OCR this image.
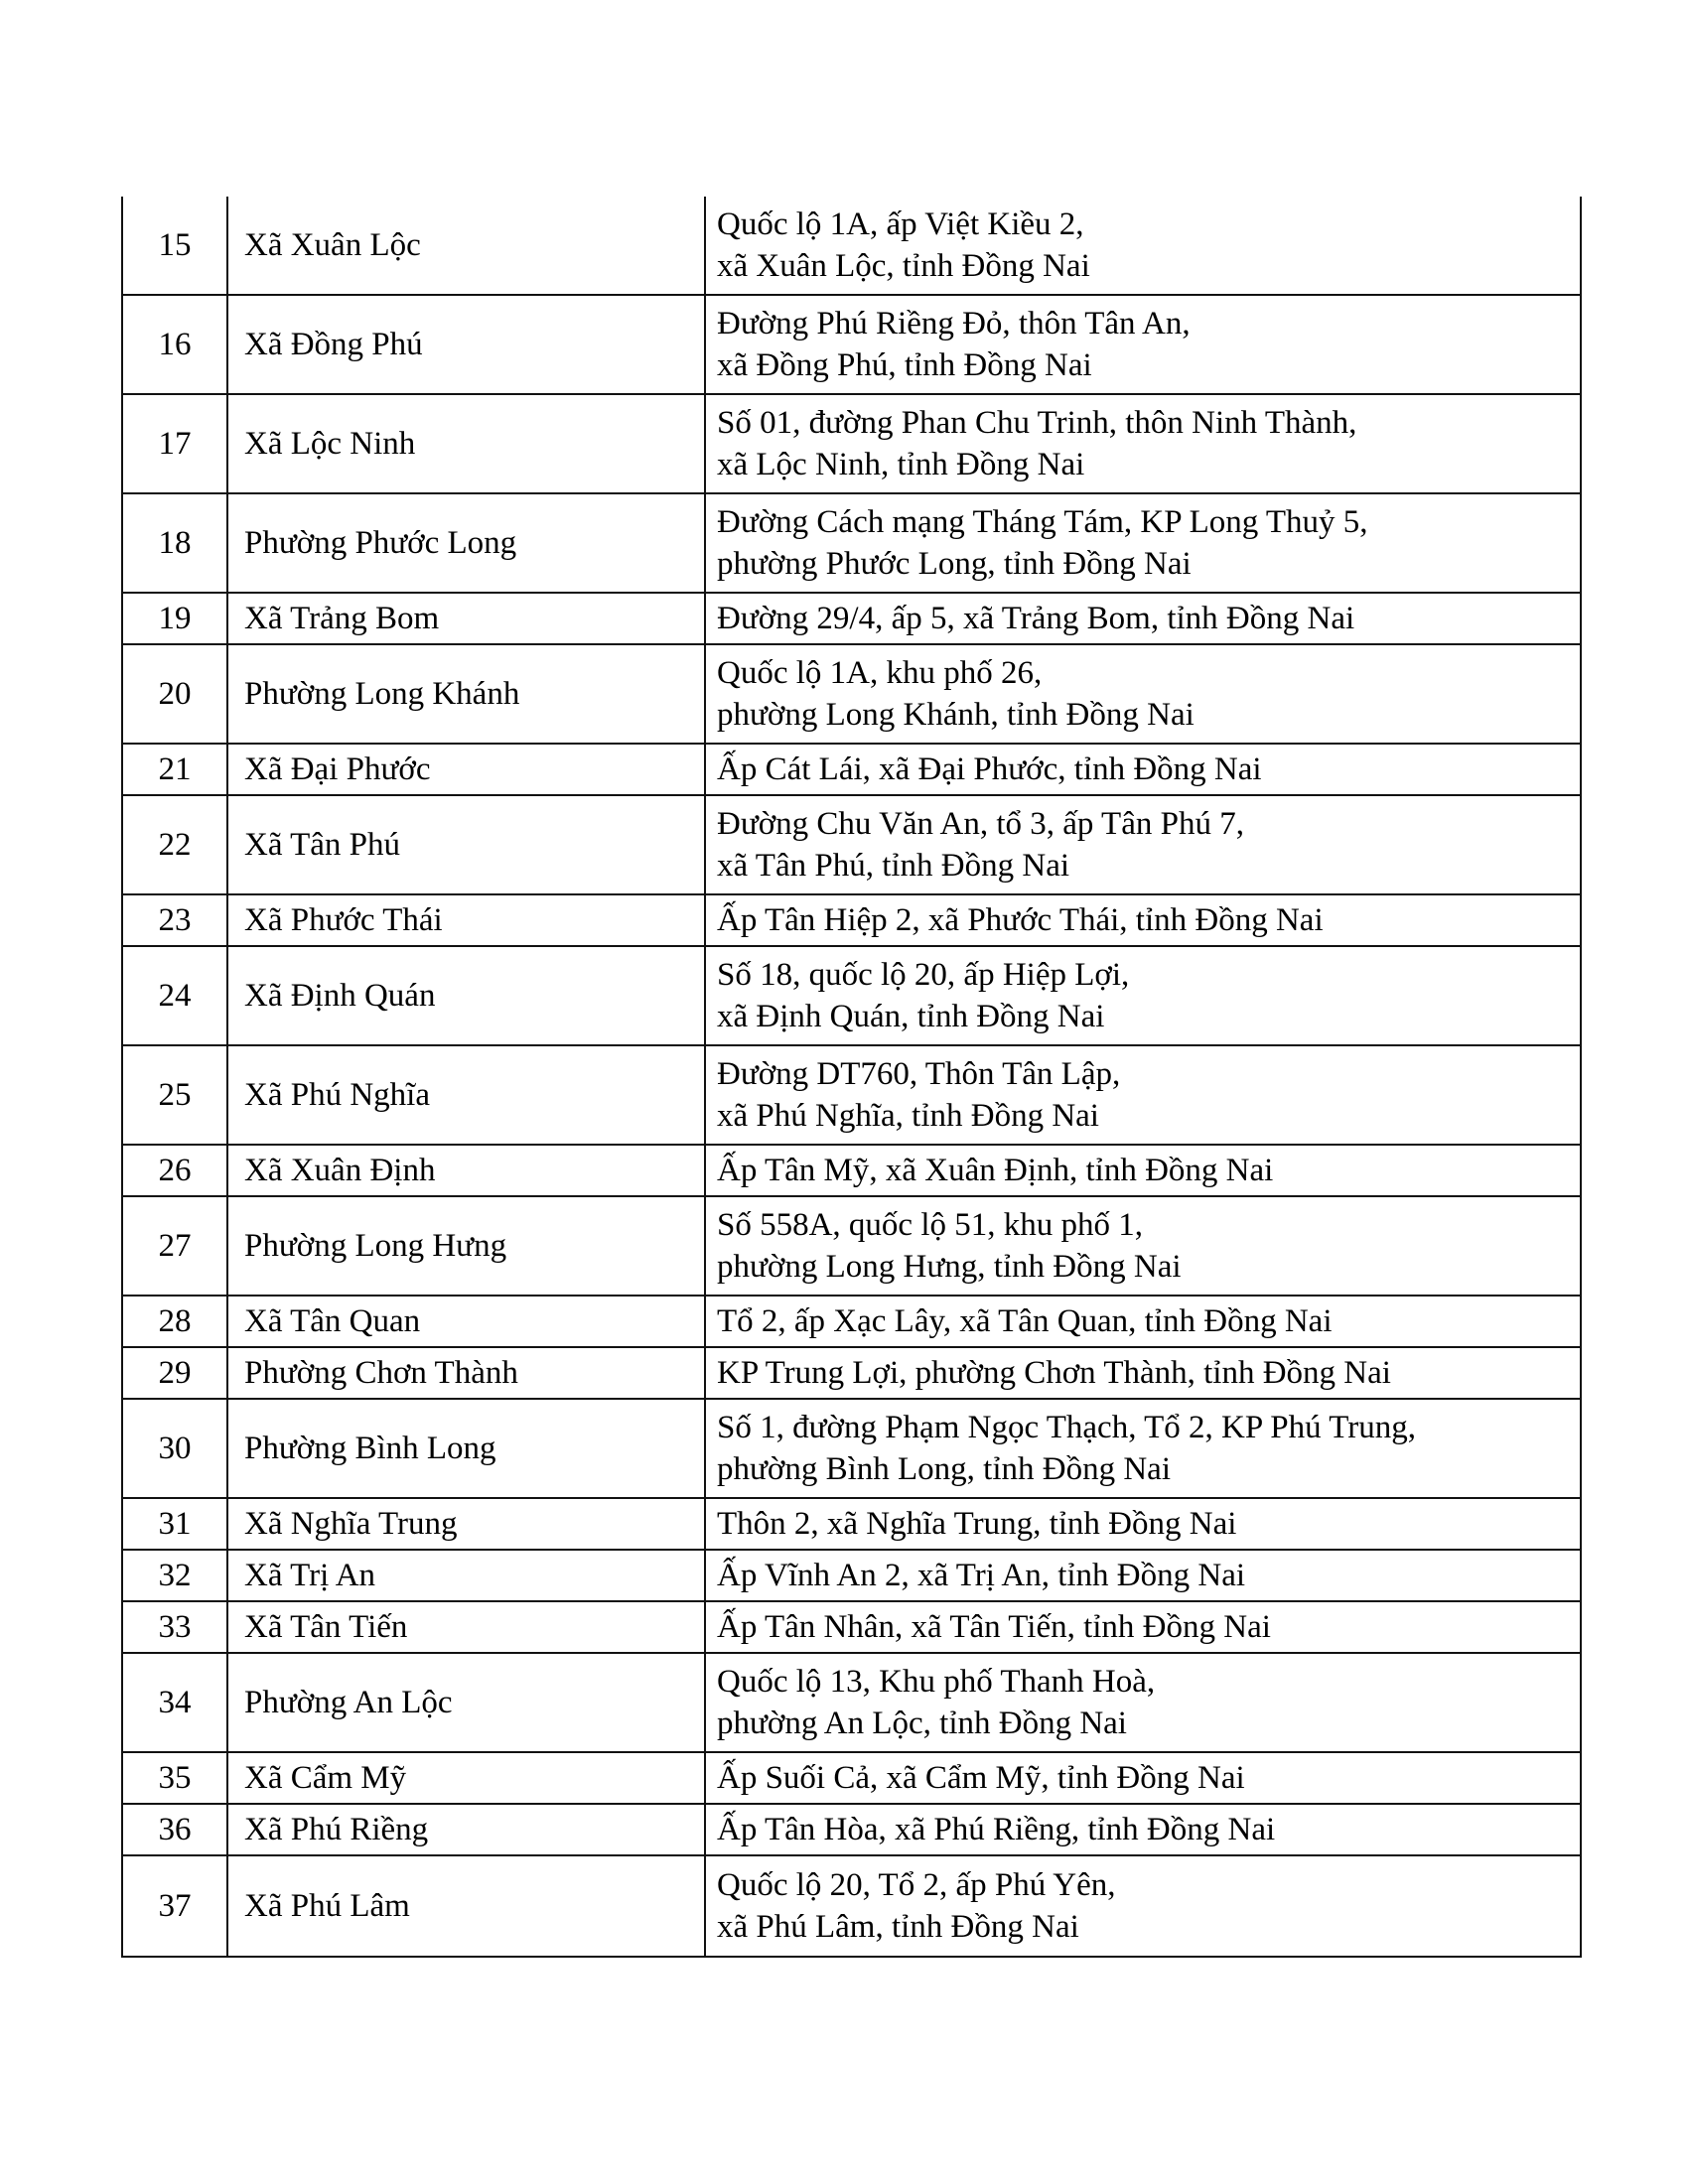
15	Xã Xuân Lộc	Quốc lộ 1A, ấp Việt Kiều 2,
xã Xuân Lộc, tỉnh Đồng Nai

16	Xã Đồng Phú	Đường Phú Riềng Đỏ, thôn Tân An,
xã Đồng Phú, tỉnh Đồng Nai

17	Xã Lộc Ninh	Số 01, đường Phan Chu Trinh, thôn Ninh Thành,
xã Lộc Ninh, tỉnh Đồng Nai

18	Phường Phước Long	Đường Cách mạng Tháng Tám, KP Long Thuỷ 5,
phường Phước Long, tỉnh Đồng Nai

19	Xã Trảng Bom	Đường 29/4, ấp 5, xã Trảng Bom, tỉnh Đồng Nai

20	Phường Long Khánh	Quốc lộ 1A, khu phố 26,
phường Long Khánh, tỉnh Đồng Nai

21	Xã Đại Phước	Ấp Cát Lái, xã Đại Phước, tỉnh Đồng Nai

22	Xã Tân Phú	Đường Chu Văn An, tổ 3, ấp Tân Phú 7,
xã Tân Phú, tỉnh Đồng Nai

23	Xã Phước Thái	Ấp Tân Hiệp 2, xã Phước Thái, tỉnh Đồng Nai

24	Xã Định Quán	Số 18, quốc lộ 20, ấp Hiệp Lợi,
xã Định Quán, tỉnh Đồng Nai

25	Xã Phú Nghĩa	Đường DT760, Thôn Tân Lập,
xã Phú Nghĩa, tỉnh Đồng Nai

26	Xã Xuân Định	Ấp Tân Mỹ, xã Xuân Định, tỉnh Đồng Nai

27	Phường Long Hưng	Số 558A, quốc lộ 51, khu phố 1,
phường Long Hưng, tỉnh Đồng Nai

28	Xã Tân Quan	Tổ 2, ấp Xạc Lây, xã Tân Quan, tỉnh Đồng Nai

29	Phường Chơn Thành	KP Trung Lợi, phường Chơn Thành, tỉnh Đồng Nai

30	Phường Bình Long	Số 1, đường Phạm Ngọc Thạch, Tổ 2, KP Phú Trung,
phường Bình Long, tỉnh Đồng Nai

31	Xã Nghĩa Trung	Thôn 2, xã Nghĩa Trung, tỉnh Đồng Nai

32	Xã Trị An	Ấp Vĩnh An 2, xã Trị An, tỉnh Đồng Nai

33	Xã Tân Tiến	Ấp Tân Nhân, xã Tân Tiến, tỉnh Đồng Nai

34	Phường An Lộc	Quốc lộ 13, Khu phố Thanh Hoà,
phường An Lộc, tỉnh Đồng Nai

35	Xã Cẩm Mỹ	Ấp Suối Cả, xã Cẩm Mỹ, tỉnh Đồng Nai

36	Xã Phú Riềng	Ấp Tân Hòa, xã Phú Riềng, tỉnh Đồng Nai

37	Xã Phú Lâm	Quốc lộ 20, Tổ 2, ấp Phú Yên,
xã Phú Lâm, tỉnh Đồng Nai
